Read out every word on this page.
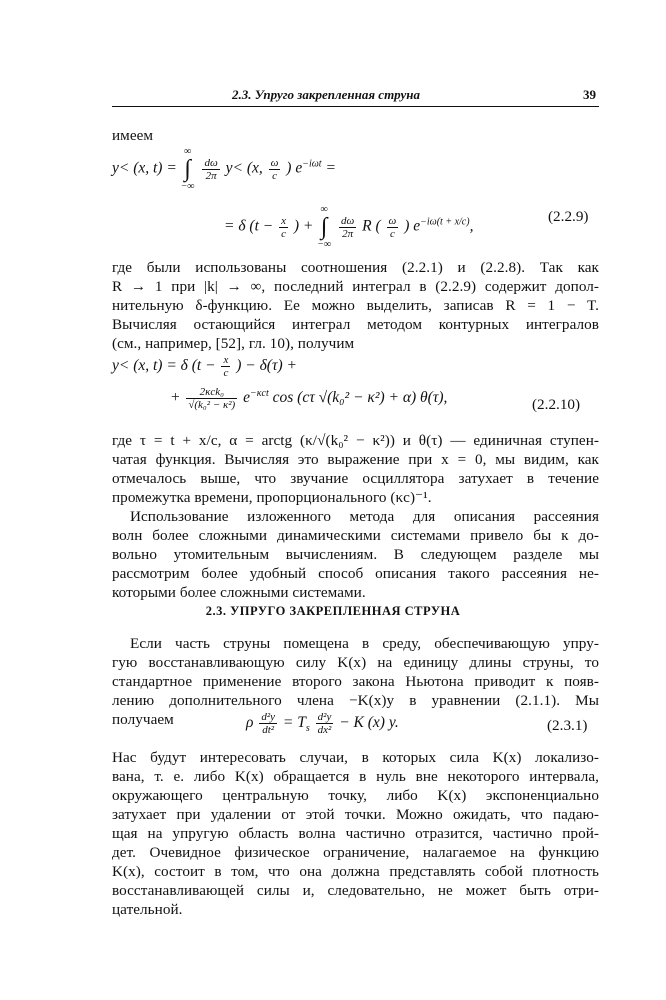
2.3. Упруго закрепленная струна	39
имеем
y< (x, t) =
∞
∫
−∞

$\frac{d\omega}{2\pi} y< (x$, $\frac{\omega}{c}$ ) $e^{-i\omega t}$ =
= δ ($t - \frac{x}{c}$ ) +
∞
∫
−∞

$\frac{d\omega}{2\pi}$ R ( $\frac{\omega}{c}$ ) $e^{-i\omega(t + x/c)}$,
(2.2.9)
где были использованы соотношения (2.2.1) и (2.2.8). Так как
R → 1 при |k| → ∞, последний интеграл в (2.2.9) содержит допол-
нительную δ-функцию. Ее можно выделить, записав R = 1 − T.
Вычисляя остающийся интеграл методом контурных интегралов
(см., например, [52], гл. 10), получим
y< (x, t) = δ ($t - \frac{x}{c}$ ) − δ(τ) +
+ $\frac{\text{2κck₀}}{\text{√(k₀² − κ²)}} e^{-\kappa ct}$ cos (cτ √(k₀² − κ²) + α) θ(τ),	(2.2.10)
где τ = t + x/c, α = arctg (κ/√(k₀² − κ²)) и θ(τ) — единичная ступен-
чатая функция. Вычисляя это выражение при x = 0, мы видим, как
отмечалось выше, что звучание осциллятора затухает в течение
промежутка времени, пропорционального (κc)⁻¹.
Использование изложенного метода для описания рассеяния
волн более сложными динамическими системами привело бы к до-
вольно утомительным вычислениям. В следующем разделе мы
рассмотрим более удобный способ описания такого рассеяния не-
которыми более сложными системами.
2.3. УПРУГО ЗАКРЕПЛЕННАЯ СТРУНА
Если часть струны помещена в среду, обеспечивающую упру-
гую восстанавливающую силу K(x) на единицу длины струны, то
стандартное применение второго закона Ньютона приводит к появ-
лению дополнительного члена −K(x)y в уравнении (2.1.1). Мы
получаем	ρ $\frac{\text{d²y}}{\text{dt²}} = T_s \frac{\text{d²y}}{\text{dx²}} - K$ (x) y.	(2.3.1)
Нас будут интересовать случаи, в которых сила K(x) локализо-
вана, т. е. либо K(x) обращается в нуль вне некоторого интервала,
окружающего центральную точку, либо K(x) экспоненциально
затухает при удалении от этой точки. Можно ожидать, что падаю-
щая на упругую область волна частично отразится, частично прой-
дет. Очевидное физическое ограничение, налагаемое на функцию
K(x), состоит в том, что она должна представлять собой плотность
восстанавливающей силы и, следовательно, не может быть отри-
цательной.
